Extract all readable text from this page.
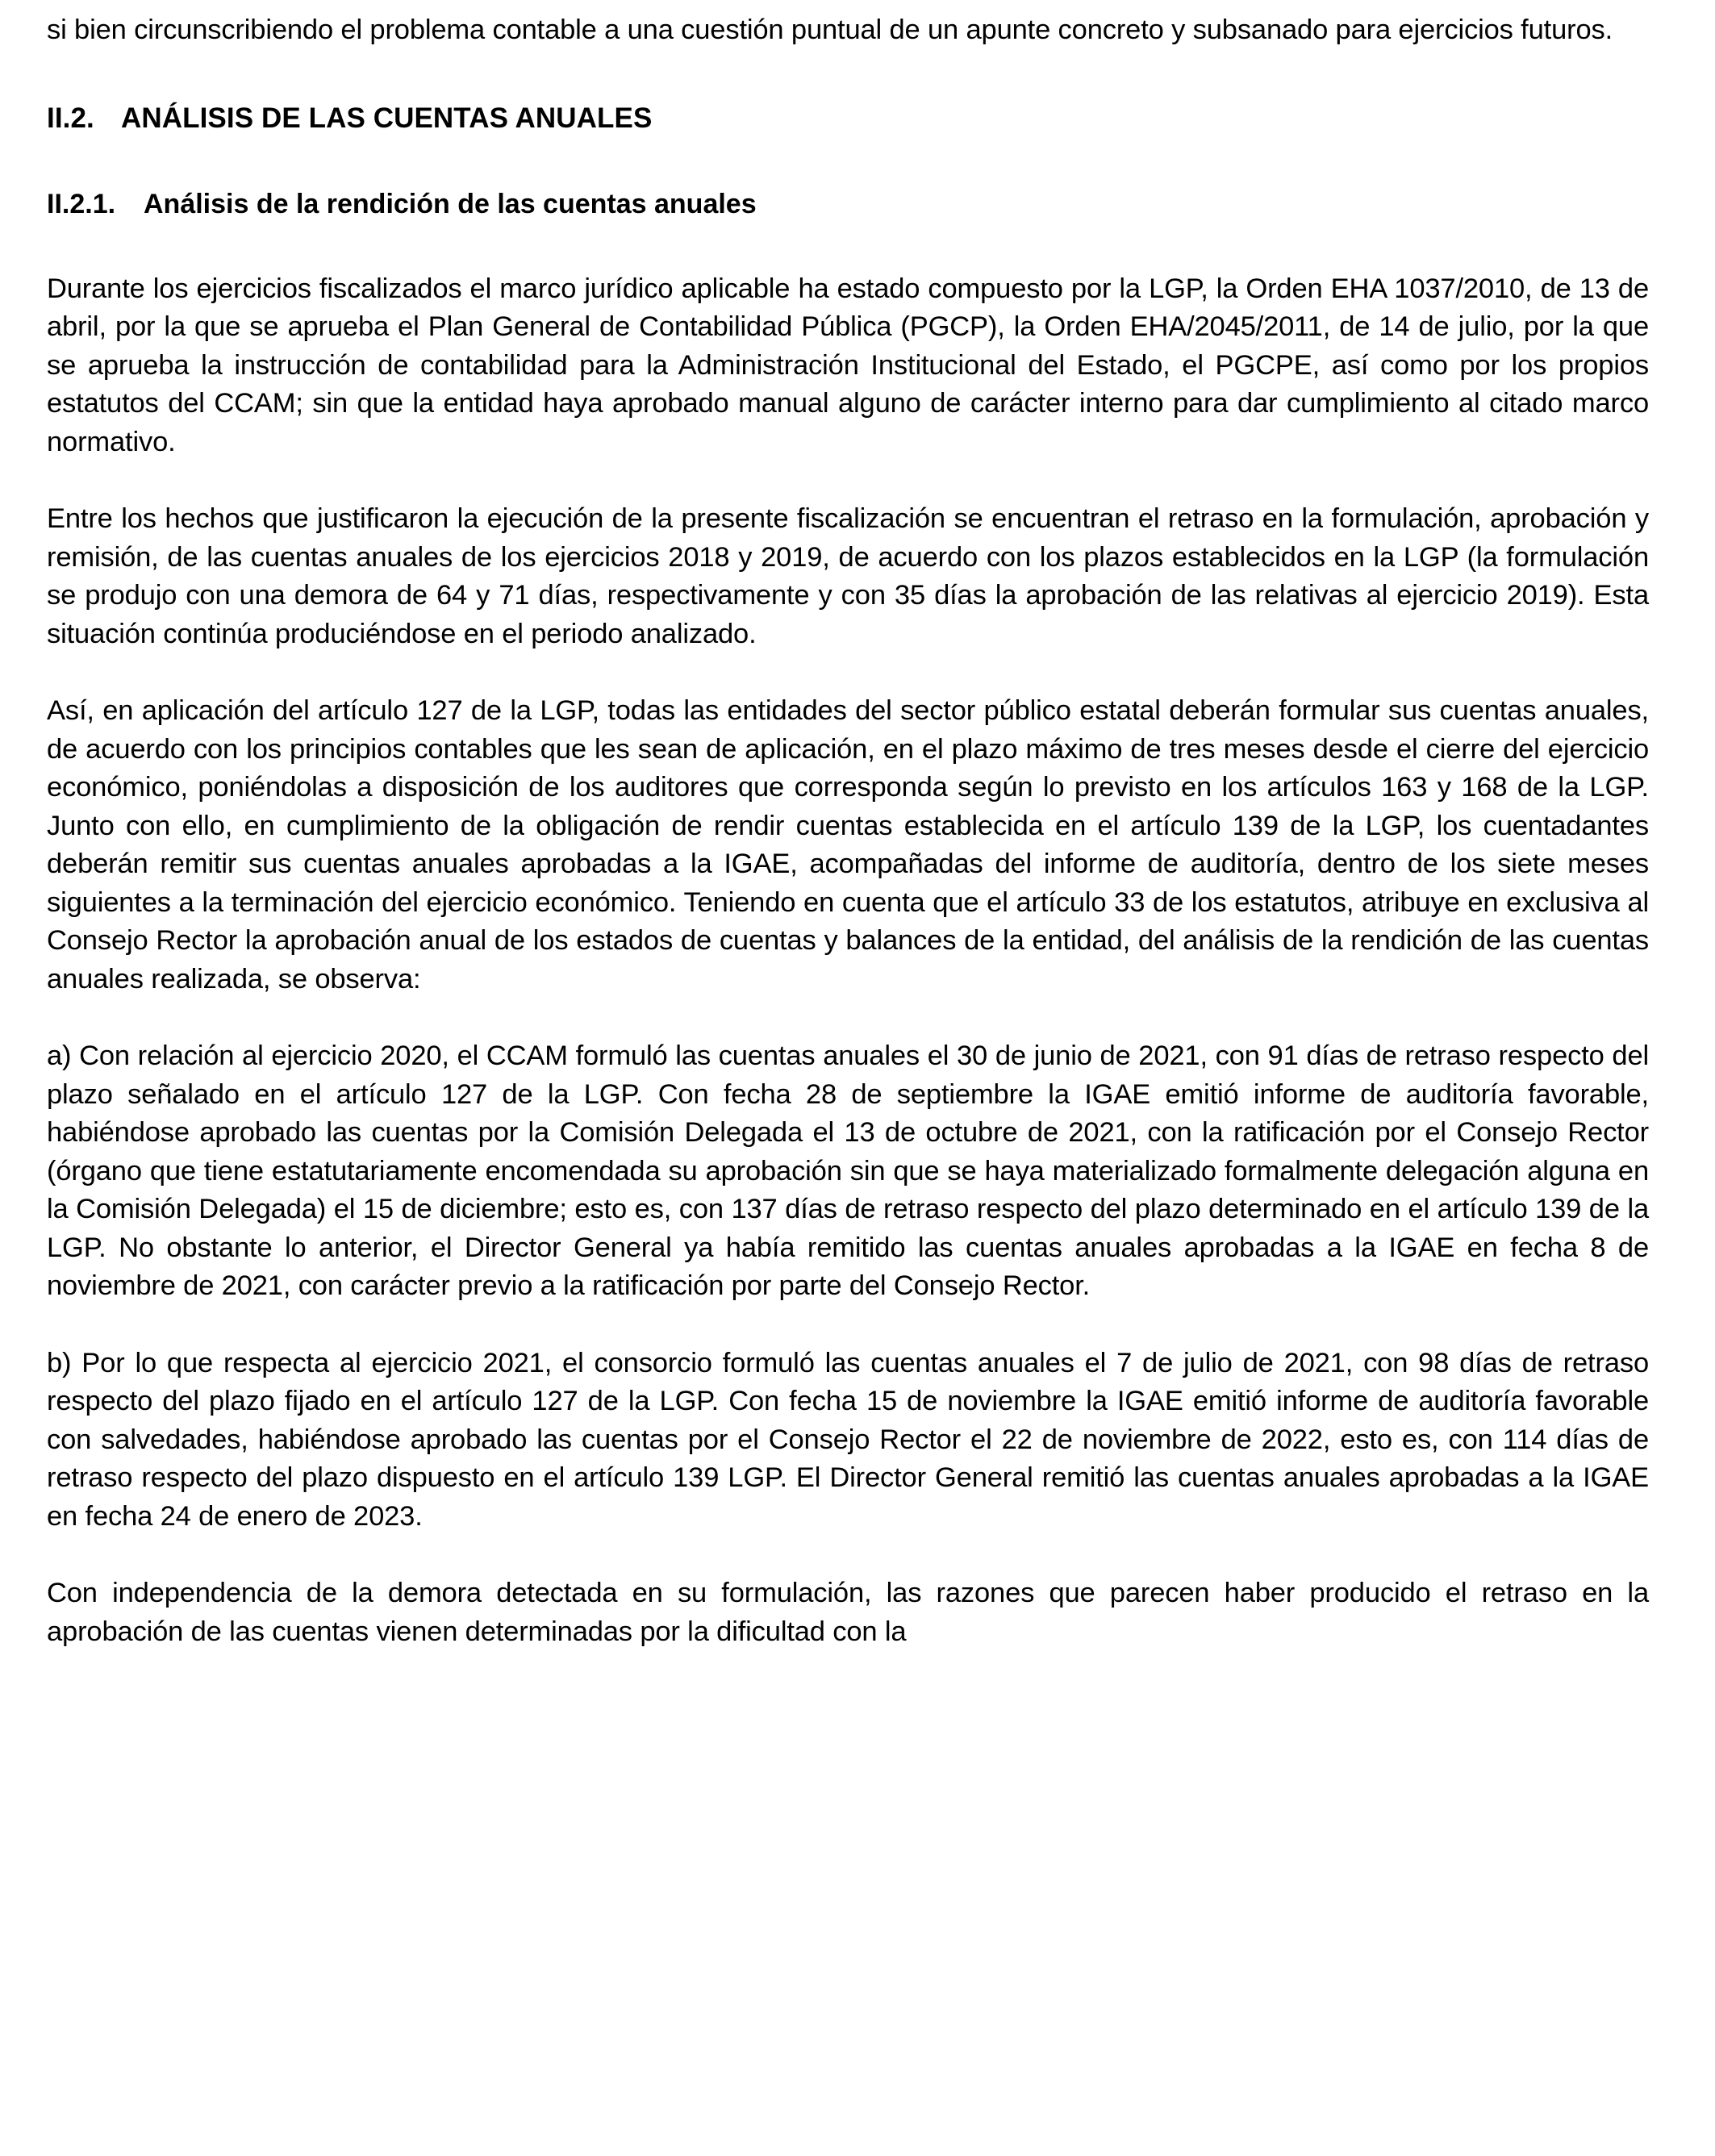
si bien circunscribiendo el problema contable a una cuestión puntual de un apunte concreto y subsanado para ejercicios futuros.

II.2. ANÁLISIS DE LAS CUENTAS ANUALES
II.2.1.	Análisis de la rendición de las cuentas anuales

Durante los ejercicios fiscalizados el marco jurídico aplicable ha estado compuesto por la LGP, la Orden EHA 1037/2010, de 13 de abril, por la que se aprueba el Plan General de Contabilidad Pública (PGCP), la Orden EHA/2045/2011, de 14 de julio, por la que se aprueba la instrucción de contabilidad para la Administración Institucional del Estado, el PGCPE, así como por los propios estatutos del CCAM; sin que la entidad haya aprobado manual alguno de carácter interno para dar cumplimiento al citado marco normativo.

Entre los hechos que justificaron la ejecución de la presente fiscalización se encuentran el retraso en la formulación, aprobación y remisión, de las cuentas anuales de los ejercicios 2018 y 2019, de acuerdo con los plazos establecidos en la LGP (la formulación se produjo con una demora de 64 y 71 días, respectivamente y con 35 días la aprobación de las relativas al ejercicio 2019). Esta situación continúa produciéndose en el periodo analizado.

Así, en aplicación del artículo 127 de la LGP, todas las entidades del sector público estatal deberán formular sus cuentas anuales, de acuerdo con los principios contables que les sean de aplicación, en el plazo máximo de tres meses desde el cierre del ejercicio económico, poniéndolas a disposición de los auditores que corresponda según lo previsto en los artículos 163 y 168 de la LGP. Junto con ello, en cumplimiento de la obligación de rendir cuentas establecida en el artículo 139 de la LGP, los cuentadantes deberán remitir sus cuentas anuales aprobadas a la IGAE, acompañadas del informe de auditoría, dentro de los siete meses siguientes a la terminación del ejercicio económico. Teniendo en cuenta que el artículo 33 de los estatutos, atribuye en exclusiva al Consejo Rector la aprobación anual de los estados de cuentas y balances de la entidad, del análisis de la rendición de las cuentas anuales realizada, se observa:

a) Con relación al ejercicio 2020, el CCAM formuló las cuentas anuales el 30 de junio de 2021, con 91 días de retraso respecto del plazo señalado en el artículo 127 de la LGP. Con fecha 28 de septiembre la IGAE emitió informe de auditoría favorable, habiéndose aprobado las cuentas por la Comisión Delegada el 13 de octubre de 2021, con la ratificación por el Consejo Rector (órgano que tiene estatutariamente encomendada su aprobación sin que se haya materializado formalmente delegación alguna en la Comisión Delegada) el 15 de diciembre; esto es, con 137 días de retraso respecto del plazo determinado en el artículo 139 de la LGP. No obstante lo anterior, el Director General ya había remitido las cuentas anuales aprobadas a la IGAE en fecha 8 de noviembre de 2021, con carácter previo a la ratificación por parte del Consejo Rector.

b) Por lo que respecta al ejercicio 2021, el consorcio formuló las cuentas anuales el 7 de julio de 2021, con 98 días de retraso respecto del plazo fijado en el artículo 127 de la LGP. Con fecha 15 de noviembre la IGAE emitió informe de auditoría favorable con salvedades, habiéndose aprobado las cuentas por el Consejo Rector el 22 de noviembre de 2022, esto es, con 114 días de retraso respecto del plazo dispuesto en el artículo 139 LGP. El Director General remitió las cuentas anuales aprobadas a la IGAE en fecha 24 de enero de 2023.

Con independencia de la demora detectada en su formulación, las razones que parecen haber producido el retraso en la aprobación de las cuentas vienen determinadas por la dificultad con la
